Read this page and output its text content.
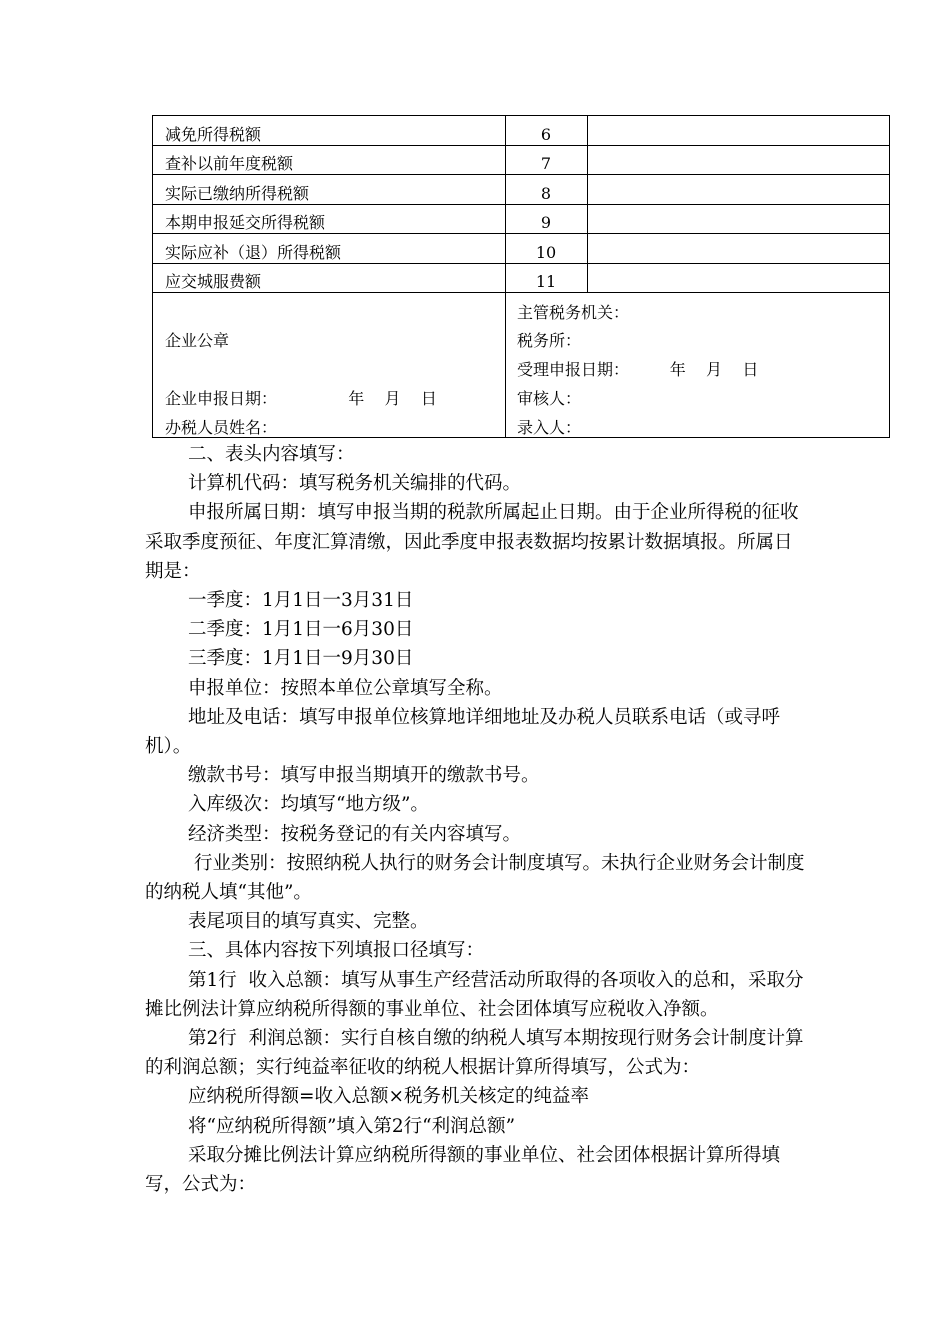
减免所得税额	6
查补以前年度税额	7
实际已缴纳所得税额	8
本期申报延交所得税额	9
实际应补（退）所得税额	10
应交城服费额	11
企业公章
企业申报日期：              年    月    日
办税人员姓名：
主管税务机关：
税务所：
受理申报日期：        年    月    日
审核人：
录入人：

二、表头内容填写：

计算机代码：填写税务机关编排的代码。

申报所属日期：填写申报当期的税款所属起止日期。由于企业所得税的征收采取季度预征、年度汇算清缴，因此季度申报表数据均按累计数据填报。所属日期是：

一季度：1月1日一3月31日

二季度：1月1日一6月30日

三季度：1月1日一9月30日

申报单位：按照本单位公章填写全称。

地址及电话：填写申报单位核算地详细地址及办税人员联系电话（或寻呼机）。

缴款书号：填写申报当期填开的缴款书号。

入库级次：均填写“地方级”。

经济类型：按税务登记的有关内容填写。

行业类别：按照纳税人执行的财务会计制度填写。未执行企业财务会计制度的纳税人填“其他”。

表尾项目的填写真实、完整。

三、具体内容按下列填报口径填写：

第1行  收入总额：填写从事生产经营活动所取得的各项收入的总和，采取分摊比例法计算应纳税所得额的事业单位、社会团体填写应税收入净额。

第2行  利润总额：实行自核自缴的纳税人填写本期按现行财务会计制度计算的利润总额；实行纯益率征收的纳税人根据计算所得填写，公式为：

应纳税所得额=收入总额×税务机关核定的纯益率

将“应纳税所得额”填入第2行“利润总额”

采取分摊比例法计算应纳税所得额的事业单位、社会团体根据计算所得填写，公式为：
